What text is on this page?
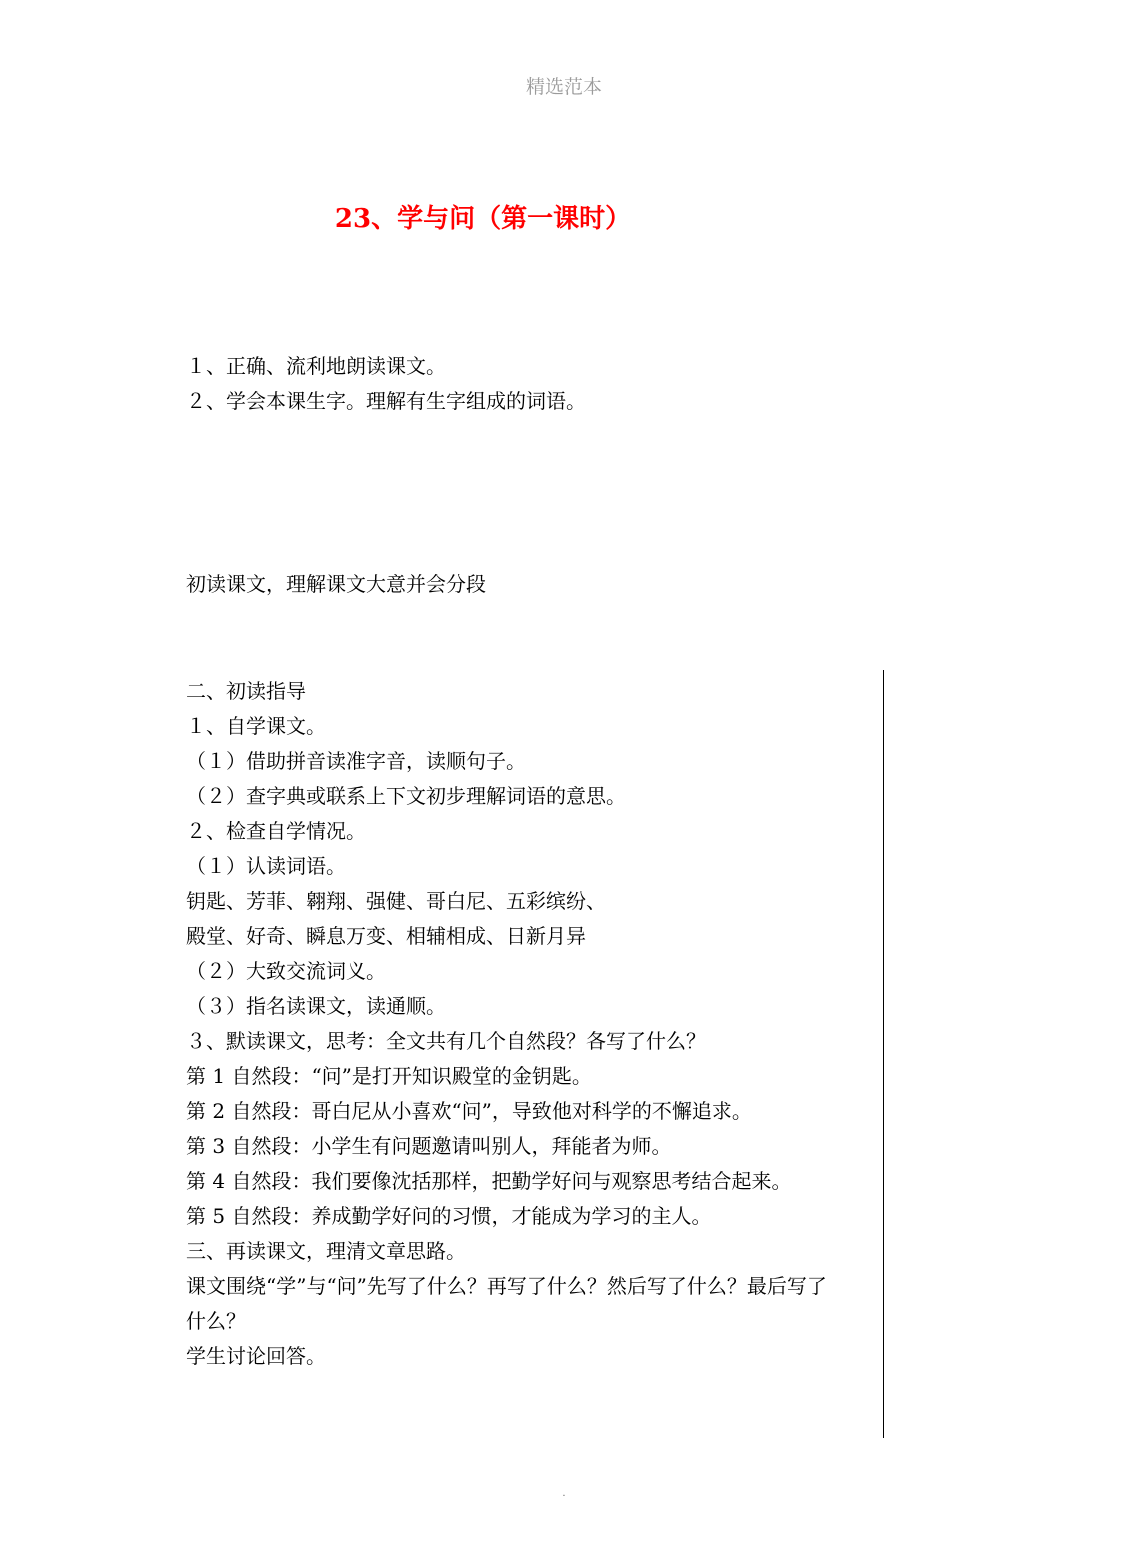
精选范本
23、学与问（第一课时）
１、正确、流利地朗读课文。
２、学会本课生字。理解有生字组成的词语。
初读课文，理解课文大意并会分段
二、初读指导
１、自学课文。
（１）借助拼音读准字音，读顺句子。
（２）查字典或联系上下文初步理解词语的意思。
２、检查自学情况。
（１）认读词语。
钥匙、芳菲、翱翔、强健、哥白尼、五彩缤纷、
殿堂、好奇、瞬息万变、相辅相成、日新月异
（２）大致交流词义。
（３）指名读课文，读通顺。
３、默读课文，思考：全文共有几个自然段？各写了什么？
第 1 自然段：“问”是打开知识殿堂的金钥匙。
第 2 自然段：哥白尼从小喜欢“问”，导致他对科学的不懈追求。
第 3 自然段：小学生有问题邀请叫别人，拜能者为师。
第 4 自然段：我们要像沈括那样，把勤学好问与观察思考结合起来。
第 5 自然段：养成勤学好问的习惯，才能成为学习的主人。
三、再读课文，理清文章思路。
课文围绕“学”与“问”先写了什么？再写了什么？然后写了什么？最后写了
什么？
学生讨论回答。
.
